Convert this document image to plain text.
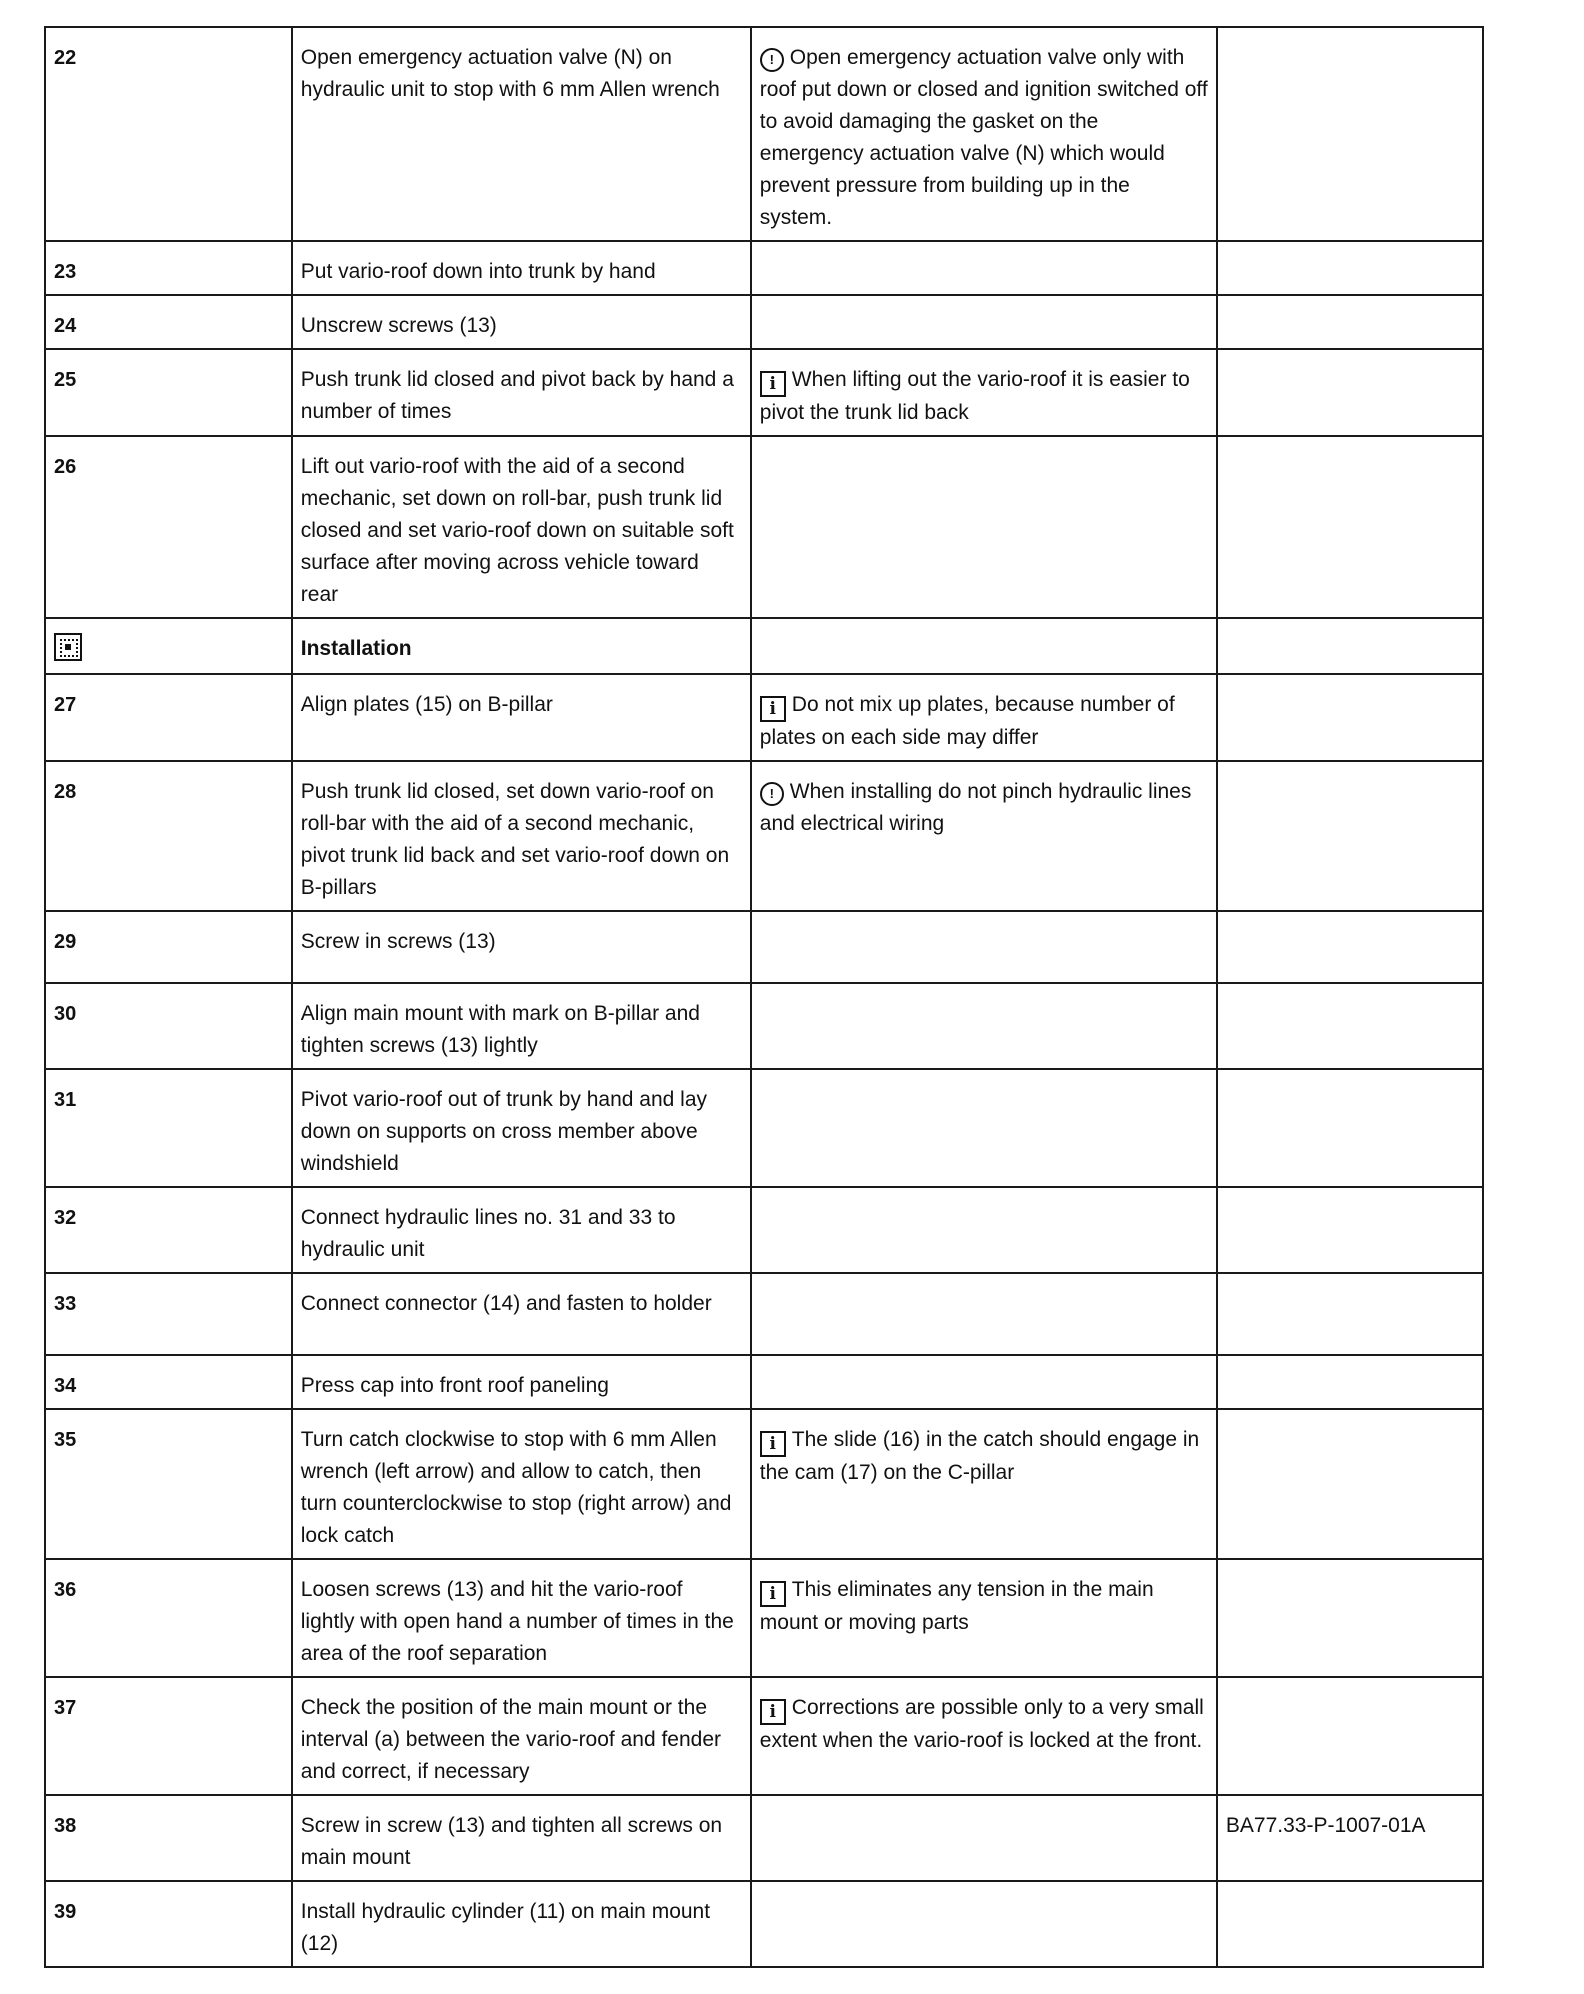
22	Open emergency actuation valve (N) on hydraulic unit to stop with 6 mm Allen wrench	! Open emergency actuation valve only with roof put down or closed and ignition switched off to avoid damaging the gasket on the emergency actuation valve (N) which would prevent pressure from building up in the system.	
23	Put vario-roof down into trunk by hand		
24	Unscrew screws (13)		
25	Push trunk lid closed and pivot back by hand a number of times	i When lifting out the vario-roof it is easier to pivot the trunk lid back	
26	Lift out vario-roof with the aid of a second mechanic, set down on roll-bar, push trunk lid closed and set vario-roof down on suitable soft surface after moving across vehicle toward rear		
	Installation		
27	Align plates (15) on B-pillar	i Do not mix up plates, because number of plates on each side may differ	
28	Push trunk lid closed, set down vario-roof on roll-bar with the aid of a second mechanic, pivot trunk lid back and set vario-roof down on B-pillars	! When installing do not pinch hydraulic lines and electrical wiring	
29	Screw in screws (13)		
30	Align main mount with mark on B-pillar and tighten screws (13) lightly		
31	Pivot vario-roof out of trunk by hand and lay down on supports on cross member above windshield		
32	Connect hydraulic lines no. 31 and 33 to hydraulic unit		
33	Connect connector (14) and fasten to holder		
34	Press cap into front roof paneling		
35	Turn catch clockwise to stop with 6 mm Allen wrench (left arrow) and allow to catch, then turn counterclockwise to stop (right arrow) and lock catch	i The slide (16) in the catch should engage in the cam (17) on the C-pillar	
36	Loosen screws (13) and hit the vario-roof lightly with open hand a number of times in the area of the roof separation	i This eliminates any tension in the main mount or moving parts	
37	Check the position of the main mount or the interval (a) between the vario-roof and fender and correct, if necessary	i Corrections are possible only to a very small extent when the vario-roof is locked at the front.	
38	Screw in screw (13) and tighten all screws on main mount		BA77.33-P-1007-01A
39	Install hydraulic cylinder (11) on main mount (12)		
